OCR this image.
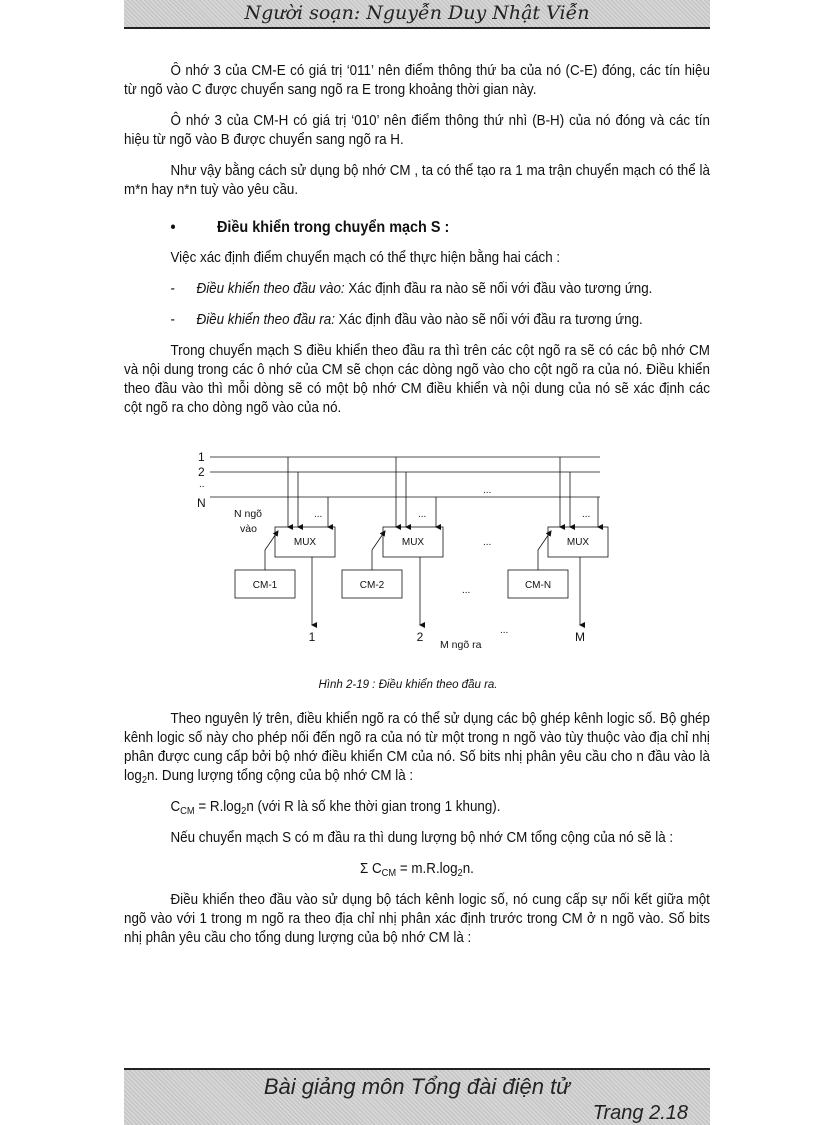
Người soạn: Nguyễn Duy Nhật Viễn

Ô nhớ 3 của CM-E có giá trị ‘011’ nên điểm thông thứ ba của nó (C-E) đóng, các tín hiệu từ ngõ vào C được chuyển sang ngõ ra E trong khoảng thời gian này.

Ô nhớ 3 của CM-H có giá trị ‘010’ nên điểm thông thứ nhì (B-H) của nó đóng và các tín hiệu từ ngõ vào B được chuyển sang ngõ ra H.

Như vậy bằng cách sử dụng bộ nhớ CM , ta có thể tạo ra 1 ma trận chuyển mạch có thể là m*n hay n*n tuỳ vào yêu cầu.

•	Điều khiển trong chuyển mạch S :

Việc xác định điểm chuyển mạch có thể thực hiện bằng hai cách :

- Điều khiển theo đầu vào: Xác định đầu ra nào sẽ nối với đầu vào tương ứng.
- Điều khiển theo đầu ra: Xác định đầu vào nào sẽ nối với đầu ra tương ứng.

Trong chuyển mạch S điều khiển theo đầu ra thì trên các cột ngõ ra sẽ có các bộ nhớ CM và nội dung trong các ô nhớ của CM sẽ chọn các dòng ngõ vào cho cột ngõ ra của nó. Điều khiển theo đầu vào thì mỗi dòng sẽ có một bộ nhớ CM điều khiển và nội dung của nó sẽ xác định các cột ngõ ra cho dòng ngõ vào của nó.

1
2
..
N
N ngõ
vào
...	...	...
...
...
...
...
MUX	MUX	MUX
CM-1	CM-2	CM-N
1	2	M
M ngõ ra
Hình 2-19 : Điều khiển theo đầu ra.

Theo nguyên lý trên, điều khiển ngõ ra có thể sử dụng các bộ ghép kênh logic số. Bộ ghép kênh logic số này cho phép nối đến ngõ ra của nó từ một trong n ngõ vào tùy thuộc vào địa chỉ nhị phân được cung cấp bởi bộ nhớ điều khiển CM của nó. Số bits nhị phân yêu cầu cho n đầu vào là $\log_2n$. Dung lượng tổng cộng của bộ nhớ CM là :

$C_{CM} = R.\log_2n$ (với R là số khe thời gian trong 1 khung).

Nếu chuyển mạch S có m đầu ra thì dung lượng bộ nhớ CM tổng cộng của nó sẽ là :

Σ $C_{CM} = m.R.\log_2n$.

Điều khiển theo đầu vào sử dụng bộ tách kênh logic số, nó cung cấp sự nối kết giữa một ngõ vào với 1 trong m ngõ ra theo địa chỉ nhị phân xác định trước trong CM ở n ngõ vào. Số bits nhị phân yêu cầu cho tổng dung lượng của bộ nhớ CM là :

Bài giảng môn Tổng đài điện tử
Trang 2.18
